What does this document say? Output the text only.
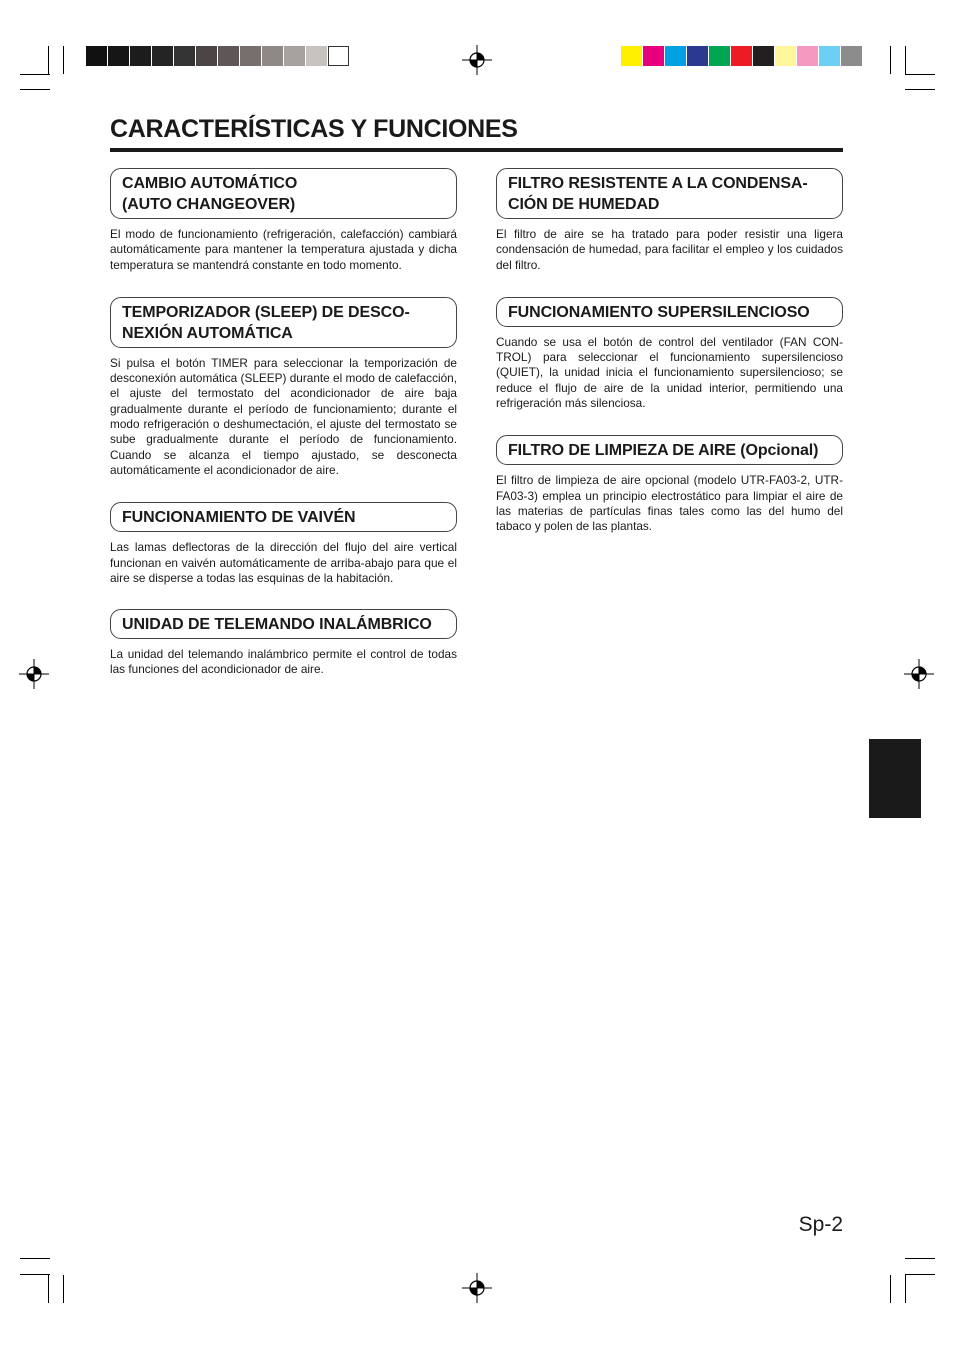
CARACTERÍSTICAS Y FUNCIONES
CAMBIO AUTOMÁTICO
(AUTO CHANGEOVER)

El modo de funcionamiento (refrigeración, calefacción) cambiará automáticamente para mantener la temperatura ajustada y dicha temperatura se mantendrá constante en todo momento.

TEMPORIZADOR (SLEEP) DE DESCO-
NEXIÓN AUTOMÁTICA

Si pulsa el botón TIMER para seleccionar la temporización de desconexión automática (SLEEP) durante el modo de calefacción, el ajuste del termostato del acondicionador de aire baja gradualmente durante el período de funcionamiento; durante el modo refrigeración o deshumectación, el ajuste del termostato se sube gradualmente durante el período de funcionamiento. Cuando se alcanza el tiempo ajustado, se desconecta automáticamente el acondicionador de aire.

FUNCIONAMIENTO DE VAIVÉN

Las lamas deflectoras de la dirección del flujo del aire vertical funcionan en vaivén automáticamente de arriba-abajo para que el aire se disperse a todas las esquinas de la habitación.

UNIDAD DE TELEMANDO INALÁMBRICO

La unidad del telemando inalámbrico permite el control de todas las funciones del acondicionador de aire.

FILTRO RESISTENTE A LA CONDENSA-
CIÓN DE HUMEDAD

El filtro de aire se ha tratado para poder resistir una ligera condensación de humedad, para facilitar el empleo y los cuidados del filtro.

FUNCIONAMIENTO SUPERSILENCIOSO

Cuando se usa el botón de control del ventilador (FAN CONTROL) para seleccionar el funcionamiento supersilencioso (QUIET), la unidad inicia el funcionamiento supersilencioso; se reduce el flujo de aire de la unidad interior, permitiendo una refrigeración más silenciosa.

FILTRO DE LIMPIEZA DE AIRE (Opcional)

El filtro de limpieza de aire opcional (modelo UTR-FA03-2, UTR-FA03-3) emplea un principio electrostático para limpiar el aire de las materias de partículas finas tales como las del humo del tabaco y polen de las plantas.

Sp-2
